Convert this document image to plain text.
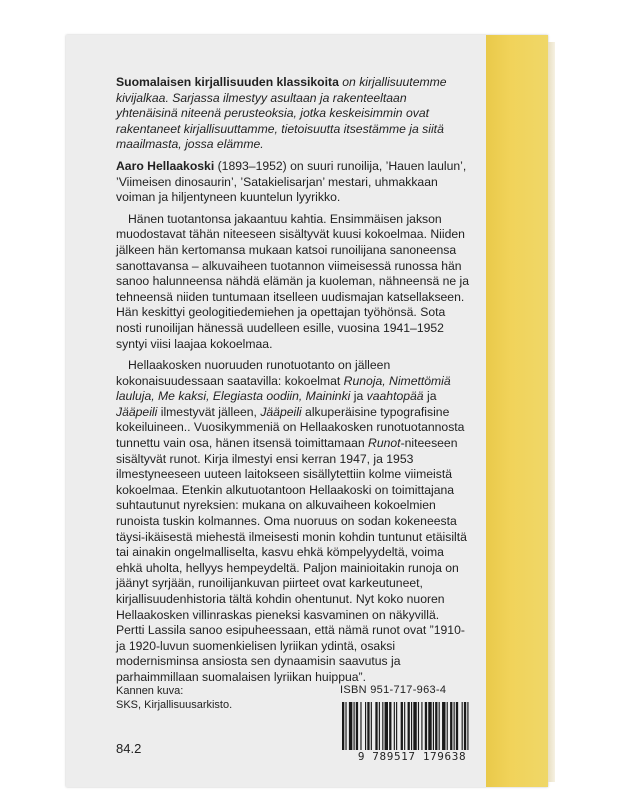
Suomalaisen kirjallisuuden klassikoita on kirjallisuutemme kivijalkaa. Sarjassa ilmestyy asultaan ja rakenteeltaan yhtenäisinä niteenä perusteoksia, jotka keskeisimmin ovat rakentaneet kirjallisuuttamme, tietoisuutta itsestämme ja siitä maailmasta, jossa elämme.

Aaro Hellaakoski (1893–1952) on suuri runoilija, ’Hauen laulun’, ’Viimeisen dinosaurin’, ’Satakielisarjan’ mestari, uhmakkaan voiman ja hiljentyneen kuuntelun lyyrikko.

Hänen tuotantonsa jakaantuu kahtia. Ensimmäisen jakson muodostavat tähän niteeseen sisältyvät kuusi kokoelmaa. Niiden jälkeen hän kertomansa mukaan katsoi runoilijana sanoneensa sanottavansa – alkuvaiheen tuotannon viimeisessä runossa hän sanoo halunneensa nähdä elämän ja kuoleman, nähneensä ne ja tehneensä niiden tuntumaan itselleen uudismajan katsellakseen. Hän keskittyi geologitiedemiehen ja opettajan työhönsä. Sota nosti runoilijan hänessä uudelleen esille, vuosina 1941–1952 syntyi viisi laajaa kokoelmaa.

Hellaakosken nuoruuden runotuotanto on jälleen kokonaisuudessaan saatavilla: kokoelmat Runoja, Nimettömiä lauluja, Me kaksi, Elegiasta oodiin, Maininki ja vaahtopää ja Jääpeili ilmestyvät jälleen, Jääpeili alkuperäisine typografisine kokeiluineen.. Vuosikymmeniä on Hellaakosken runotuotannosta tunnettu vain osa, hänen itsensä toimittamaan Runot-niteeseen sisältyvät runot. Kirja ilmestyi ensi kerran 1947, ja 1953 ilmestyneeseen uuteen laitokseen sisällytettiin kolme viimeistä kokoelmaa. Etenkin alkutuotantoon Hellaakoski on toimittajana suhtautunut nyreksien: mukana on alkuvaiheen kokoelmien runoista tuskin kolmannes. Oma nuoruus on sodan kokeneesta täysi-ikäisestä miehestä ilmeisesti monin kohdin tuntunut etäisiltä tai ainakin ongelmalliselta, kasvu ehkä kömpelyydeltä, voima ehkä uholta, hellyys hempeydeltä. Paljon mainioitakin runoja on jäänyt syrjään, runoilijankuvan piirteet ovat karkeutuneet, kirjallisuudenhistoria tältä kohdin ohentunut. Nyt koko nuoren Hellaakosken villinraskas pieneksi kasvaminen on näkyvillä. Pertti Lassila sanoo esipuheessaan, että nämä runot ovat ”1910- ja 1920-luvun suomenkielisen lyriikan ydintä, osaksi modernisminsa ansiosta sen dynaamisin saavutus ja parhaimmillaan suomalaisen lyriikan huippua”.

Kannen kuva:
SKS, Kirjallisuusarkisto.
84.2
ISBN 951-717-963-4
9 789517 179638
